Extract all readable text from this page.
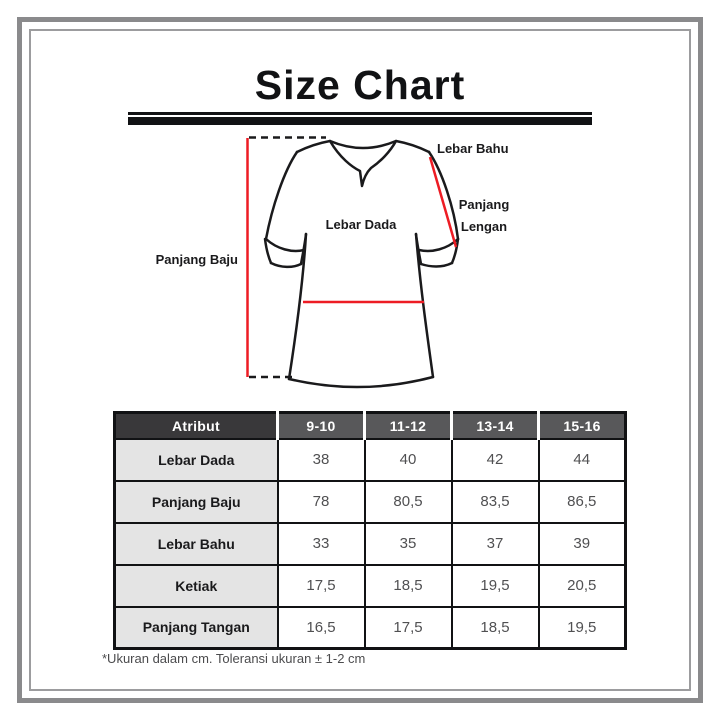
Size Chart
Panjang Baju
Lebar Dada
Lebar Bahu
Panjang
Lengan
Atribut	9-10	11-12	13-14	15-16
Lebar Dada	38	40	42	44
Panjang Baju	78	80,5	83,5	86,5
Lebar Bahu	33	35	37	39
Ketiak	17,5	18,5	19,5	20,5
Panjang Tangan	16,5	17,5	18,5	19,5
*Ukuran dalam cm. Toleransi ukuran ± 1-2 cm
